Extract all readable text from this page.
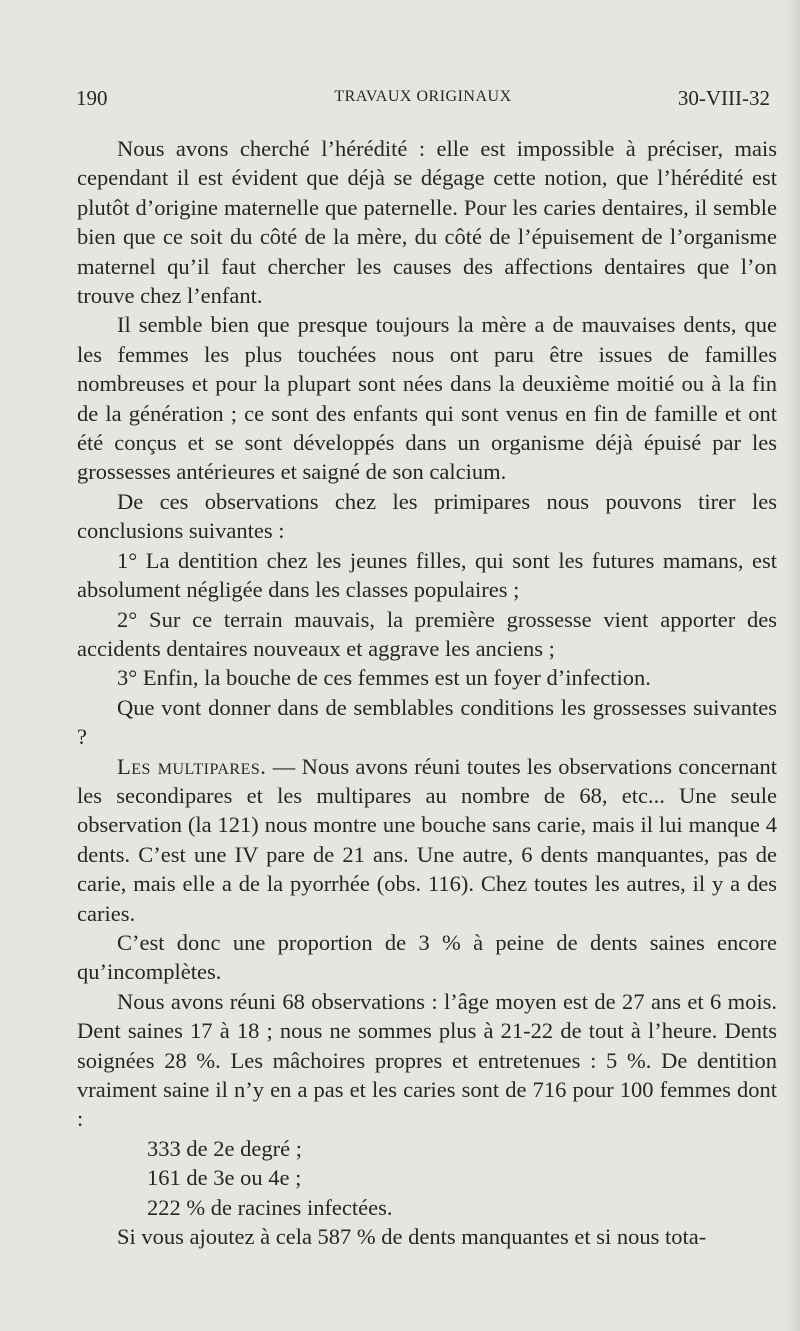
190	TRAVAUX ORIGINAUX	30-VIII-32

Nous avons cherché l’hérédité : elle est impossible à préciser, mais cependant il est évident que déjà se dégage cette notion, que l’hérédité est plutôt d’origine maternelle que paternelle. Pour les caries dentaires, il semble bien que ce soit du côté de la mère, du côté de l’épuisement de l’organisme maternel qu’il faut chercher les causes des affections dentaires que l’on trouve chez l’enfant.

Il semble bien que presque toujours la mère a de mauvaises dents, que les femmes les plus touchées nous ont paru être issues de familles nombreuses et pour la plupart sont nées dans la deuxième moitié ou à la fin de la génération ; ce sont des enfants qui sont venus en fin de famille et ont été conçus et se sont développés dans un organisme déjà épuisé par les grossesses antérieures et saigné de son calcium.

De ces observations chez les primipares nous pouvons tirer les conclusions suivantes :

1° La dentition chez les jeunes filles, qui sont les futures mamans, est absolument négligée dans les classes populaires ;

2° Sur ce terrain mauvais, la première grossesse vient apporter des accidents dentaires nouveaux et aggrave les anciens ;

3° Enfin, la bouche de ces femmes est un foyer d’infection.

Que vont donner dans de semblables conditions les grossesses suivantes ?

Les multipares. — Nous avons réuni toutes les observations concernant les secondipares et les multipares au nombre de 68, etc... Une seule observation (la 121) nous montre une bouche sans carie, mais il lui manque 4 dents. C’est une IV pare de 21 ans. Une autre, 6 dents manquantes, pas de carie, mais elle a de la pyorrhée (obs. 116). Chez toutes les autres, il y a des caries.

C’est donc une proportion de 3 % à peine de dents saines encore qu’incomplètes.

Nous avons réuni 68 observations : l’âge moyen est de 27 ans et 6 mois. Dent saines 17 à 18 ; nous ne sommes plus à 21-22 de tout à l’heure. Dents soignées 28 %. Les mâchoires propres et entretenues : 5 %. De dentition vraiment saine il n’y en a pas et les caries sont de 716 pour 100 femmes dont :

333 de 2e degré ;

161 de 3e ou 4e ;

222 % de racines infectées.

Si vous ajoutez à cela 587 % de dents manquantes et si nous tota-
